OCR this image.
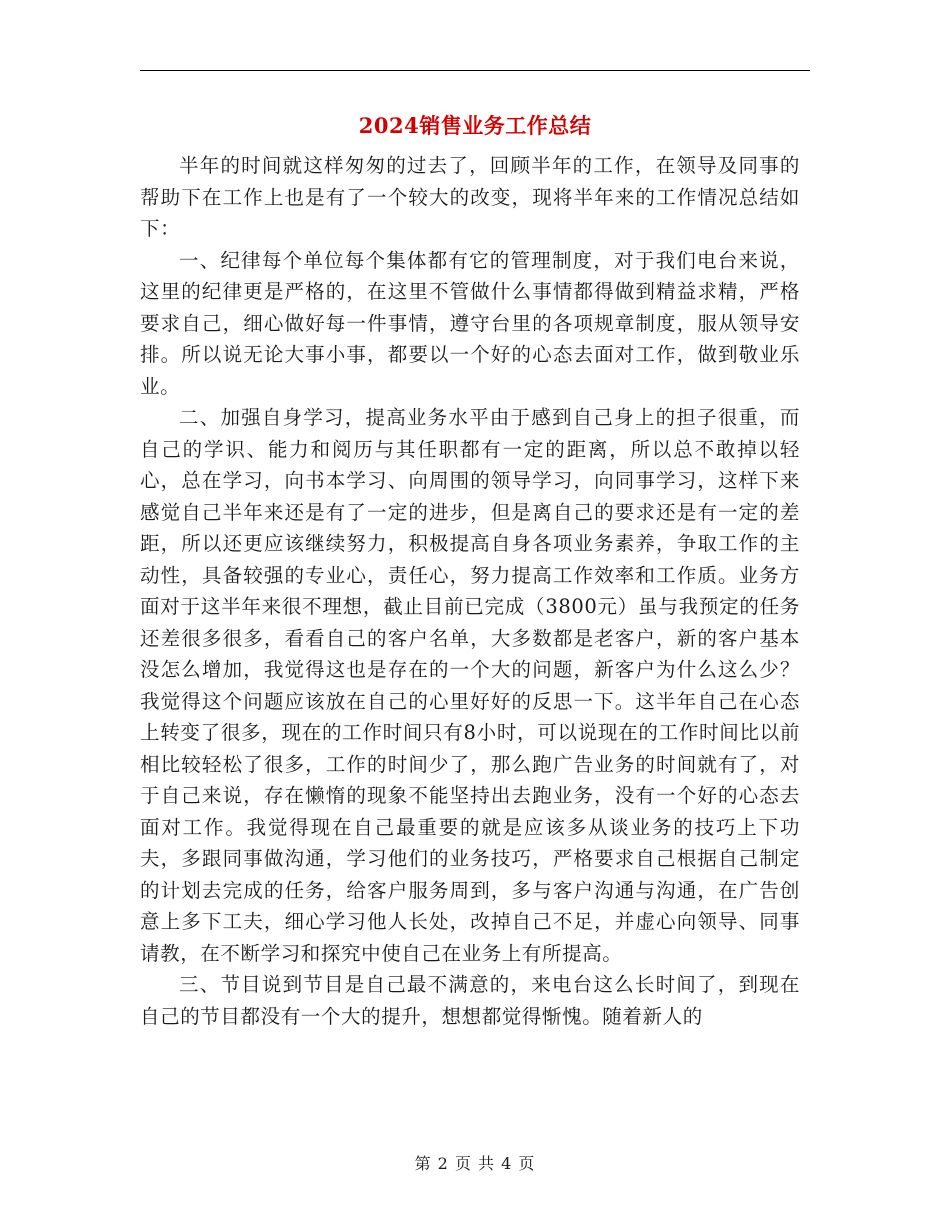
2024销售业务工作总结

半年的时间就这样匆匆的过去了，回顾半年的工作，在领导及同事的帮助下在工作上也是有了一个较大的改变，现将半年来的工作情况总结如下：

一、纪律每个单位每个集体都有它的管理制度，对于我们电台来说，这里的纪律更是严格的，在这里不管做什么事情都得做到精益求精，严格要求自己，细心做好每一件事情，遵守台里的各项规章制度，服从领导安排。所以说无论大事小事，都要以一个好的心态去面对工作，做到敬业乐业。

二、加强自身学习，提高业务水平由于感到自己身上的担子很重，而自己的学识、能力和阅历与其任职都有一定的距离，所以总不敢掉以轻心，总在学习，向书本学习、向周围的领导学习，向同事学习，这样下来感觉自己半年来还是有了一定的进步，但是离自己的要求还是有一定的差距，所以还更应该继续努力，积极提高自身各项业务素养，争取工作的主动性，具备较强的专业心，责任心，努力提高工作效率和工作质。业务方面对于这半年来很不理想，截止目前已完成（3800元）虽与我预定的任务还差很多很多，看看自己的客户名单，大多数都是老客户，新的客户基本没怎么增加，我觉得这也是存在的一个大的问题，新客户为什么这么少？我觉得这个问题应该放在自己的心里好好的反思一下。这半年自己在心态上转变了很多，现在的工作时间只有8小时，可以说现在的工作时间比以前相比较轻松了很多，工作的时间少了，那么跑广告业务的时间就有了，对于自己来说，存在懒惰的现象不能坚持出去跑业务，没有一个好的心态去面对工作。我觉得现在自己最重要的就是应该多从谈业务的技巧上下功夫，多跟同事做沟通，学习他们的业务技巧，严格要求自己根据自己制定的计划去完成的任务，给客户服务周到，多与客户沟通与沟通，在广告创意上多下工夫，细心学习他人长处，改掉自己不足，并虚心向领导、同事请教，在不断学习和探究中使自己在业务上有所提高。

三、节目说到节目是自己最不满意的，来电台这么长时间了，到现在自己的节目都没有一个大的提升，想想都觉得惭愧。随着新人的

第 2 页 共 4 页
